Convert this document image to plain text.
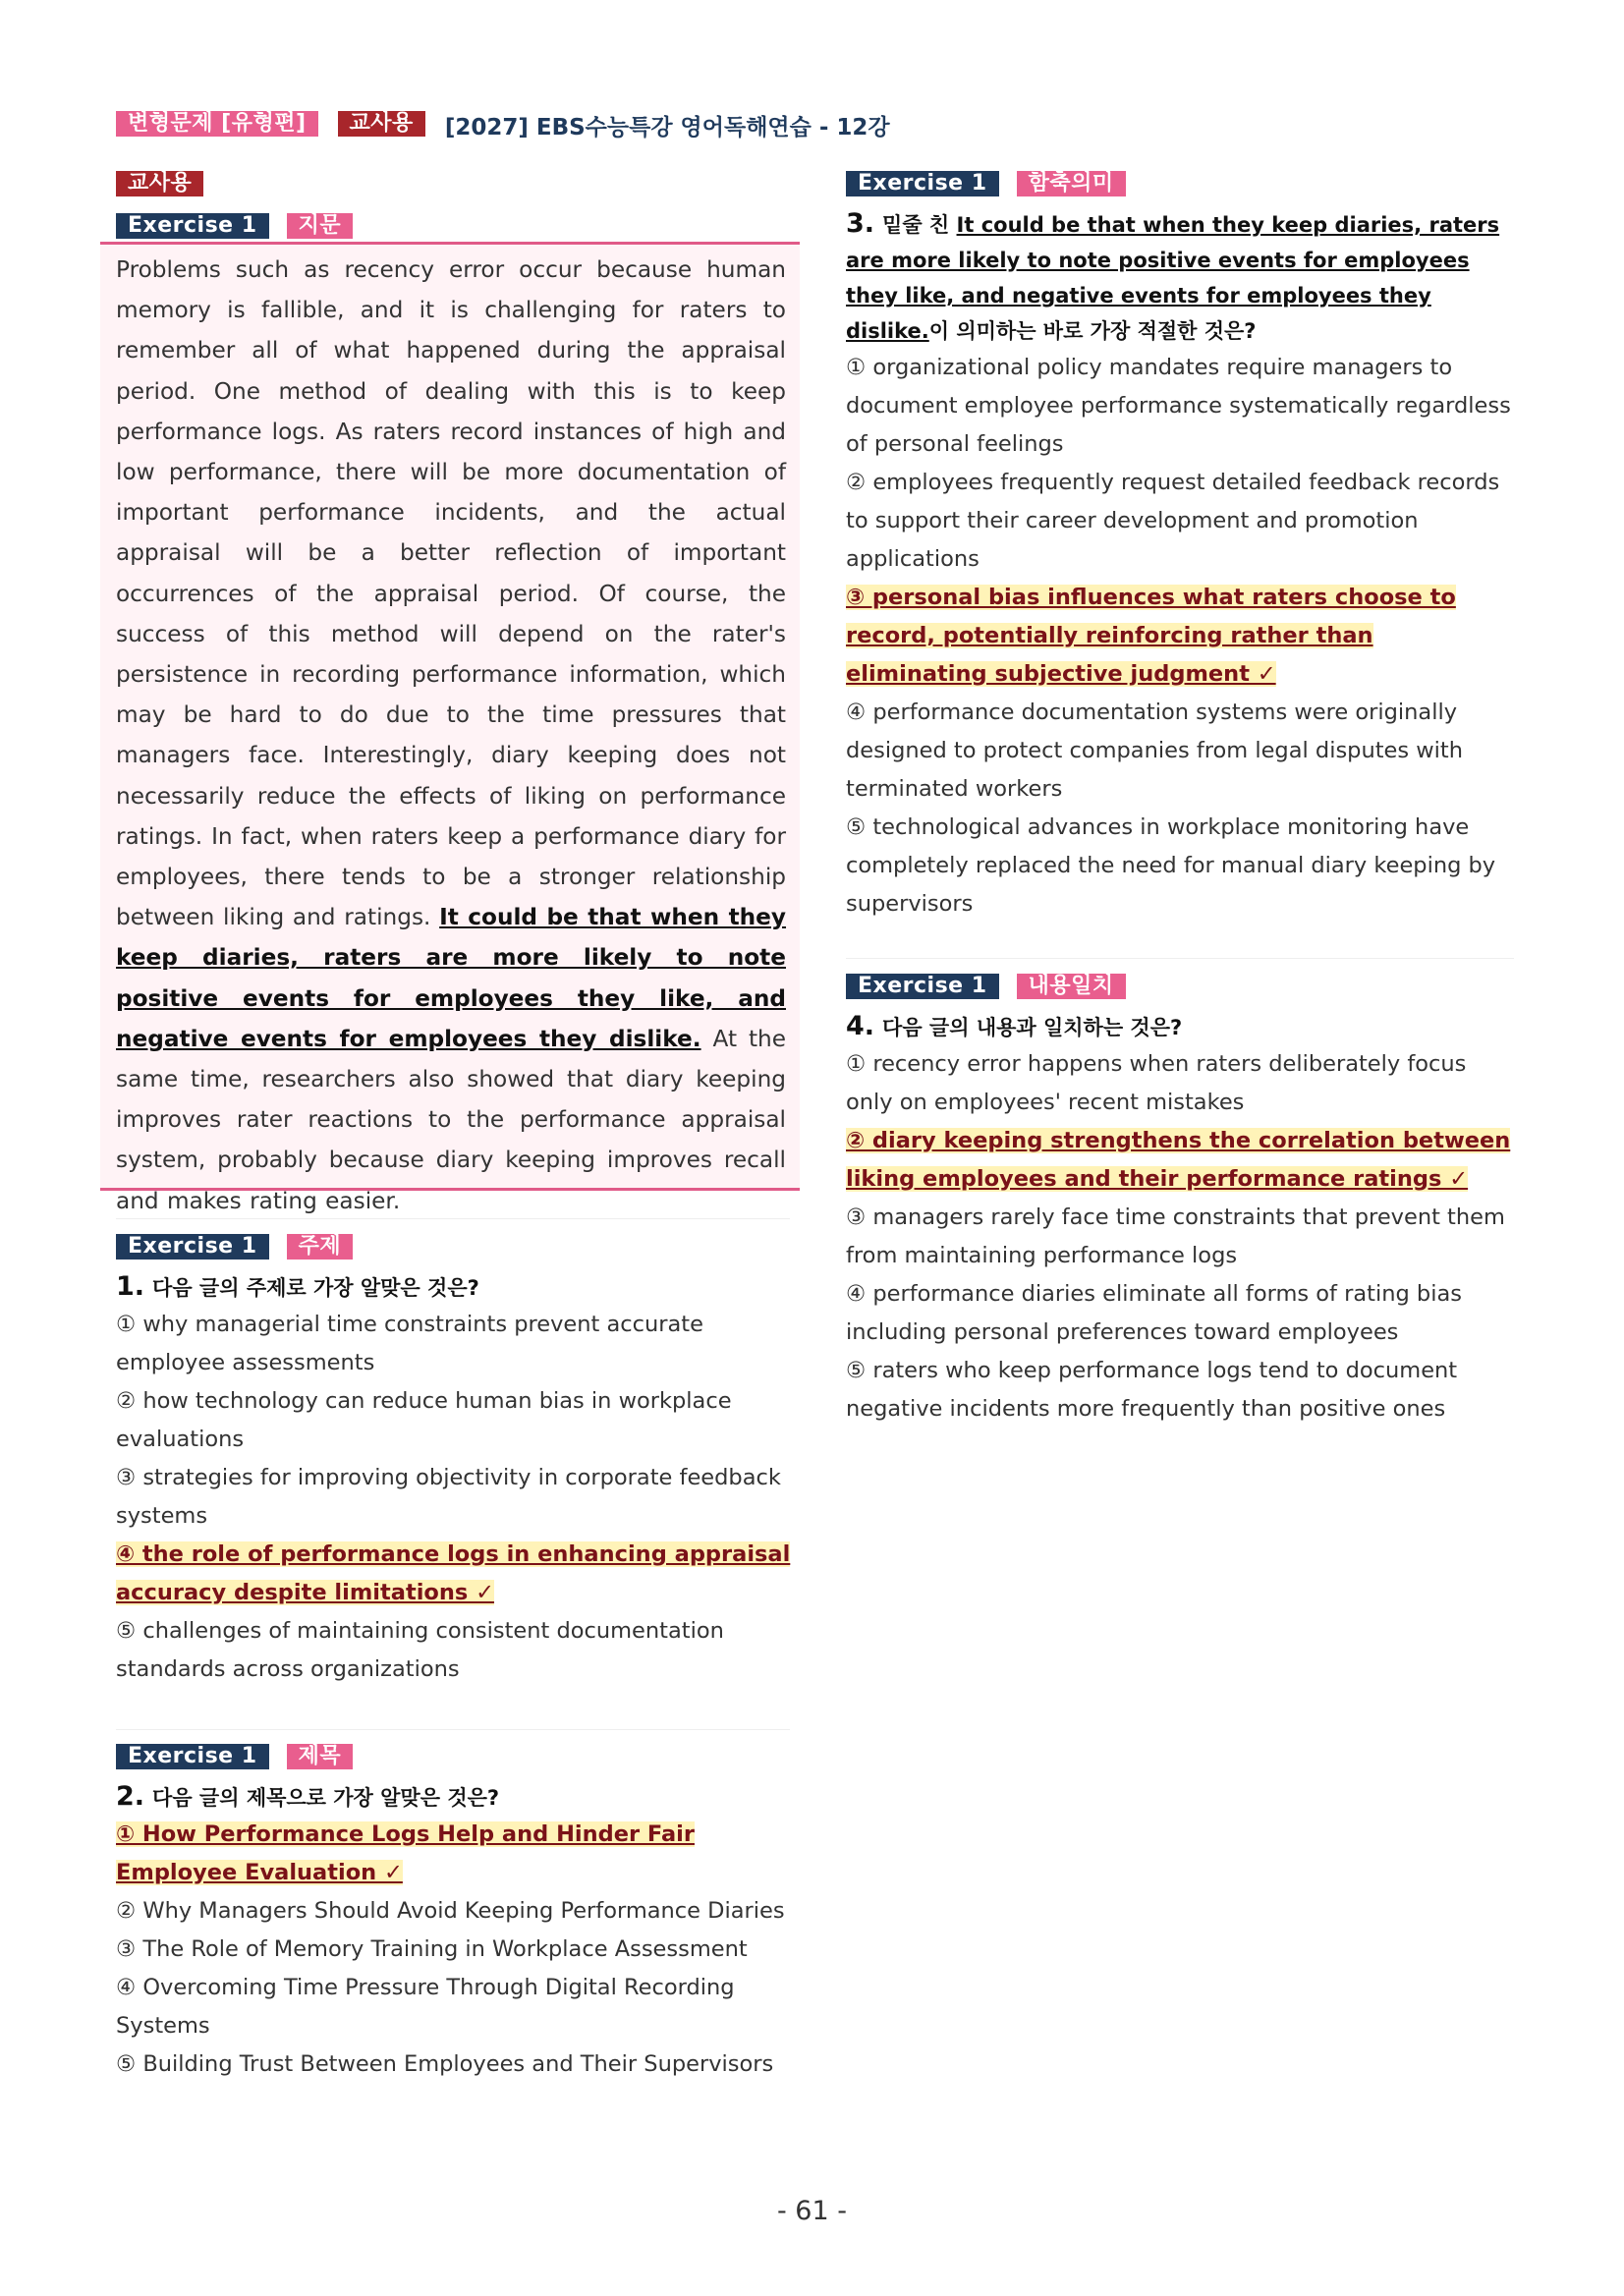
변형문제 [유형편] 교사용 [2027] EBS수능특강 영어독해연습 - 12강
교사용
Exercise 1 지문
Problems such as recency error occur because human memory is fallible, and it is challenging for raters to remember all of what happened during the appraisal period. One method of dealing with this is to keep performance logs. As raters record instances of high and low performance, there will be more documentation of important performance incidents, and the actual appraisal will be a better reflection of important occurrences of the appraisal period. Of course, the success of this method will depend on the rater's persistence in recording performance information, which may be hard to do due to the time pressures that managers face. Interestingly, diary keeping does not necessarily reduce the effects of liking on performance ratings. In fact, when raters keep a performance diary for employees, there tends to be a stronger relationship between liking and ratings. It could be that when they keep diaries, raters are more likely to note positive events for employees they like, and negative events for employees they dislike. At the same time, researchers also showed that diary keeping improves rater reactions to the performance appraisal system, probably because diary keeping improves recall and makes rating easier.
Exercise 1 주제
1. 다음 글의 주제로 가장 알맞은 것은?
① why managerial time constraints prevent accurate employee assessments
② how technology can reduce human bias in workplace evaluations
③ strategies for improving objectivity in corporate feedback systems
④ the role of performance logs in enhancing appraisal accuracy despite limitations ✓
⑤ challenges of maintaining consistent documentation standards across organizations
Exercise 1 제목
2. 다음 글의 제목으로 가장 알맞은 것은?
① How Performance Logs Help and Hinder Fair Employee Evaluation ✓
② Why Managers Should Avoid Keeping Performance Diaries
③ The Role of Memory Training in Workplace Assessment
④ Overcoming Time Pressure Through Digital Recording Systems
⑤ Building Trust Between Employees and Their Supervisors
Exercise 1 함축의미
3. 밑줄 친 It could be that when they keep diaries, raters are more likely to note positive events for employees they like, and negative events for employees they dislike.이 의미하는 바로 가장 적절한 것은?
① organizational policy mandates require managers to document employee performance systematically regardless of personal feelings
② employees frequently request detailed feedback records to support their career development and promotion applications
③ personal bias influences what raters choose to record, potentially reinforcing rather than eliminating subjective judgment ✓
④ performance documentation systems were originally designed to protect companies from legal disputes with terminated workers
⑤ technological advances in workplace monitoring have completely replaced the need for manual diary keeping by supervisors
Exercise 1 내용일치
4. 다음 글의 내용과 일치하는 것은?
① recency error happens when raters deliberately focus only on employees' recent mistakes
② diary keeping strengthens the correlation between liking employees and their performance ratings ✓
③ managers rarely face time constraints that prevent them from maintaining performance logs
④ performance diaries eliminate all forms of rating bias including personal preferences toward employees
⑤ raters who keep performance logs tend to document negative incidents more frequently than positive ones
- 61 -
